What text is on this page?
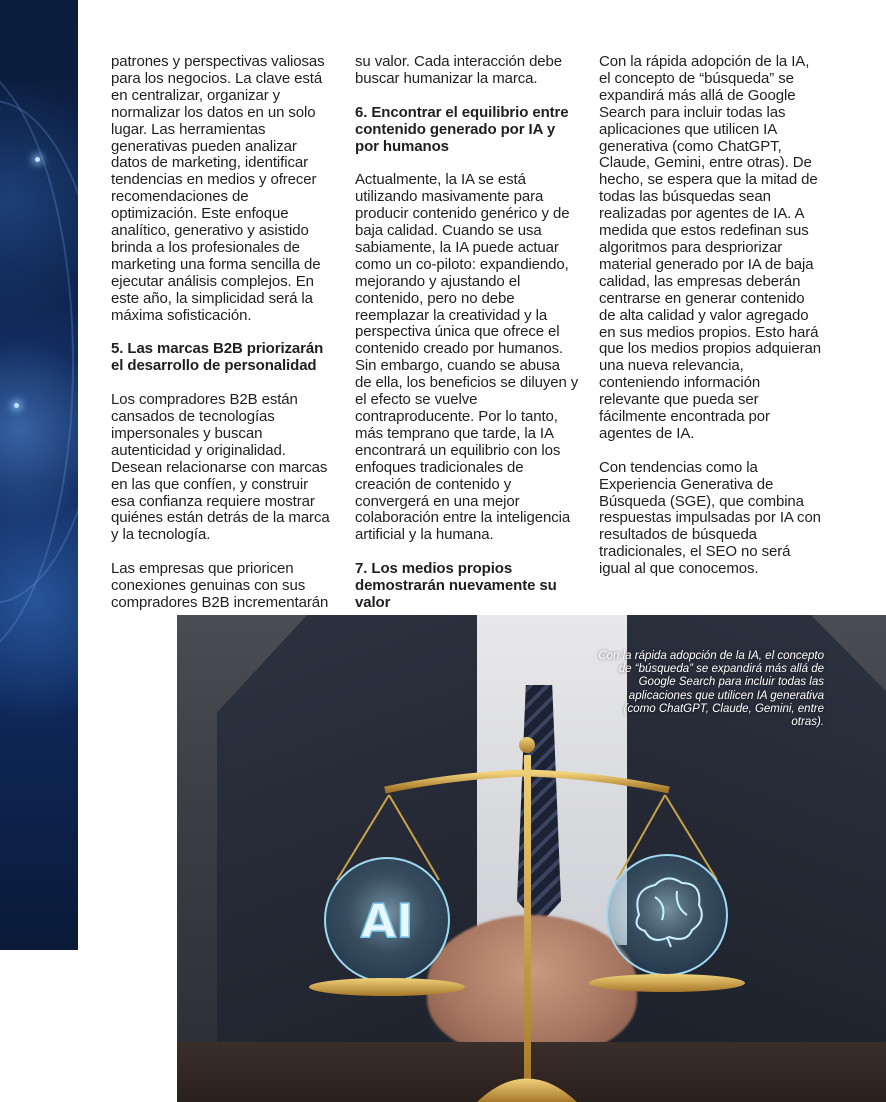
patrones y perspectivas valiosas para los negocios. La clave está en centralizar, organizar y normalizar los datos en un solo lugar. Las herramientas generativas pueden analizar datos de marketing, identificar tendencias en medios y ofrecer recomendaciones de optimización. Este enfoque analítico, generativo y asistido brinda a los profesionales de marketing una forma sencilla de ejecutar análisis complejos. En este año, la simplicidad será la máxima sofisticación.

5. Las marcas B2B priorizarán el desarrollo de personalidad

Los compradores B2B están cansados de tecnologías impersonales y buscan autenticidad y originalidad. Desean relacionarse con marcas en las que confíen, y construir esa confianza requiere mostrar quiénes están detrás de la marca y la tecnología.

Las empresas que prioricen conexiones genuinas con sus compradores B2B incrementarán

su valor. Cada interacción debe buscar humanizar la marca.

6. Encontrar el equilibrio entre contenido generado por IA y por humanos

Actualmente, la IA se está utilizando masivamente para producir contenido genérico y de baja calidad. Cuando se usa sabiamente, la IA puede actuar como un co-piloto: expandiendo, mejorando y ajustando el contenido, pero no debe reemplazar la creatividad y la perspectiva única que ofrece el contenido creado por humanos. Sin embargo, cuando se abusa de ella, los beneficios se diluyen y el efecto se vuelve contraproducente. Por lo tanto, más temprano que tarde, la IA encontrará un equilibrio con los enfoques tradicionales de creación de contenido y convergerá en una mejor colaboración entre la inteligencia artificial y la humana.

7. Los medios propios demostrarán nuevamente su valor

Con la rápida adopción de la IA, el concepto de “búsqueda” se expandirá más allá de Google Search para incluir todas las aplicaciones que utilicen IA generativa (como ChatGPT, Claude, Gemini, entre otras). De hecho, se espera que la mitad de todas las búsquedas sean realizadas por agentes de IA. A medida que estos redefinan sus algoritmos para despriorizar material generado por IA de baja calidad, las empresas deberán centrarse en generar contenido de alta calidad y valor agregado en sus medios propios. Esto hará que los medios propios adquieran una nueva relevancia, conteniendo información relevante que pueda ser fácilmente encontrada por agentes de IA.

Con tendencias como la Experiencia Generativa de Búsqueda (SGE), que combina respuestas impulsadas por IA con resultados de búsqueda tradicionales, el SEO no será igual al que conocemos.

AI
Con la rápida adopción de la IA, el concepto de “búsqueda” se expandirá más allá de Google Search para incluir todas las aplicaciones que utilicen IA generativa (como ChatGPT, Claude, Gemini, entre otras).
